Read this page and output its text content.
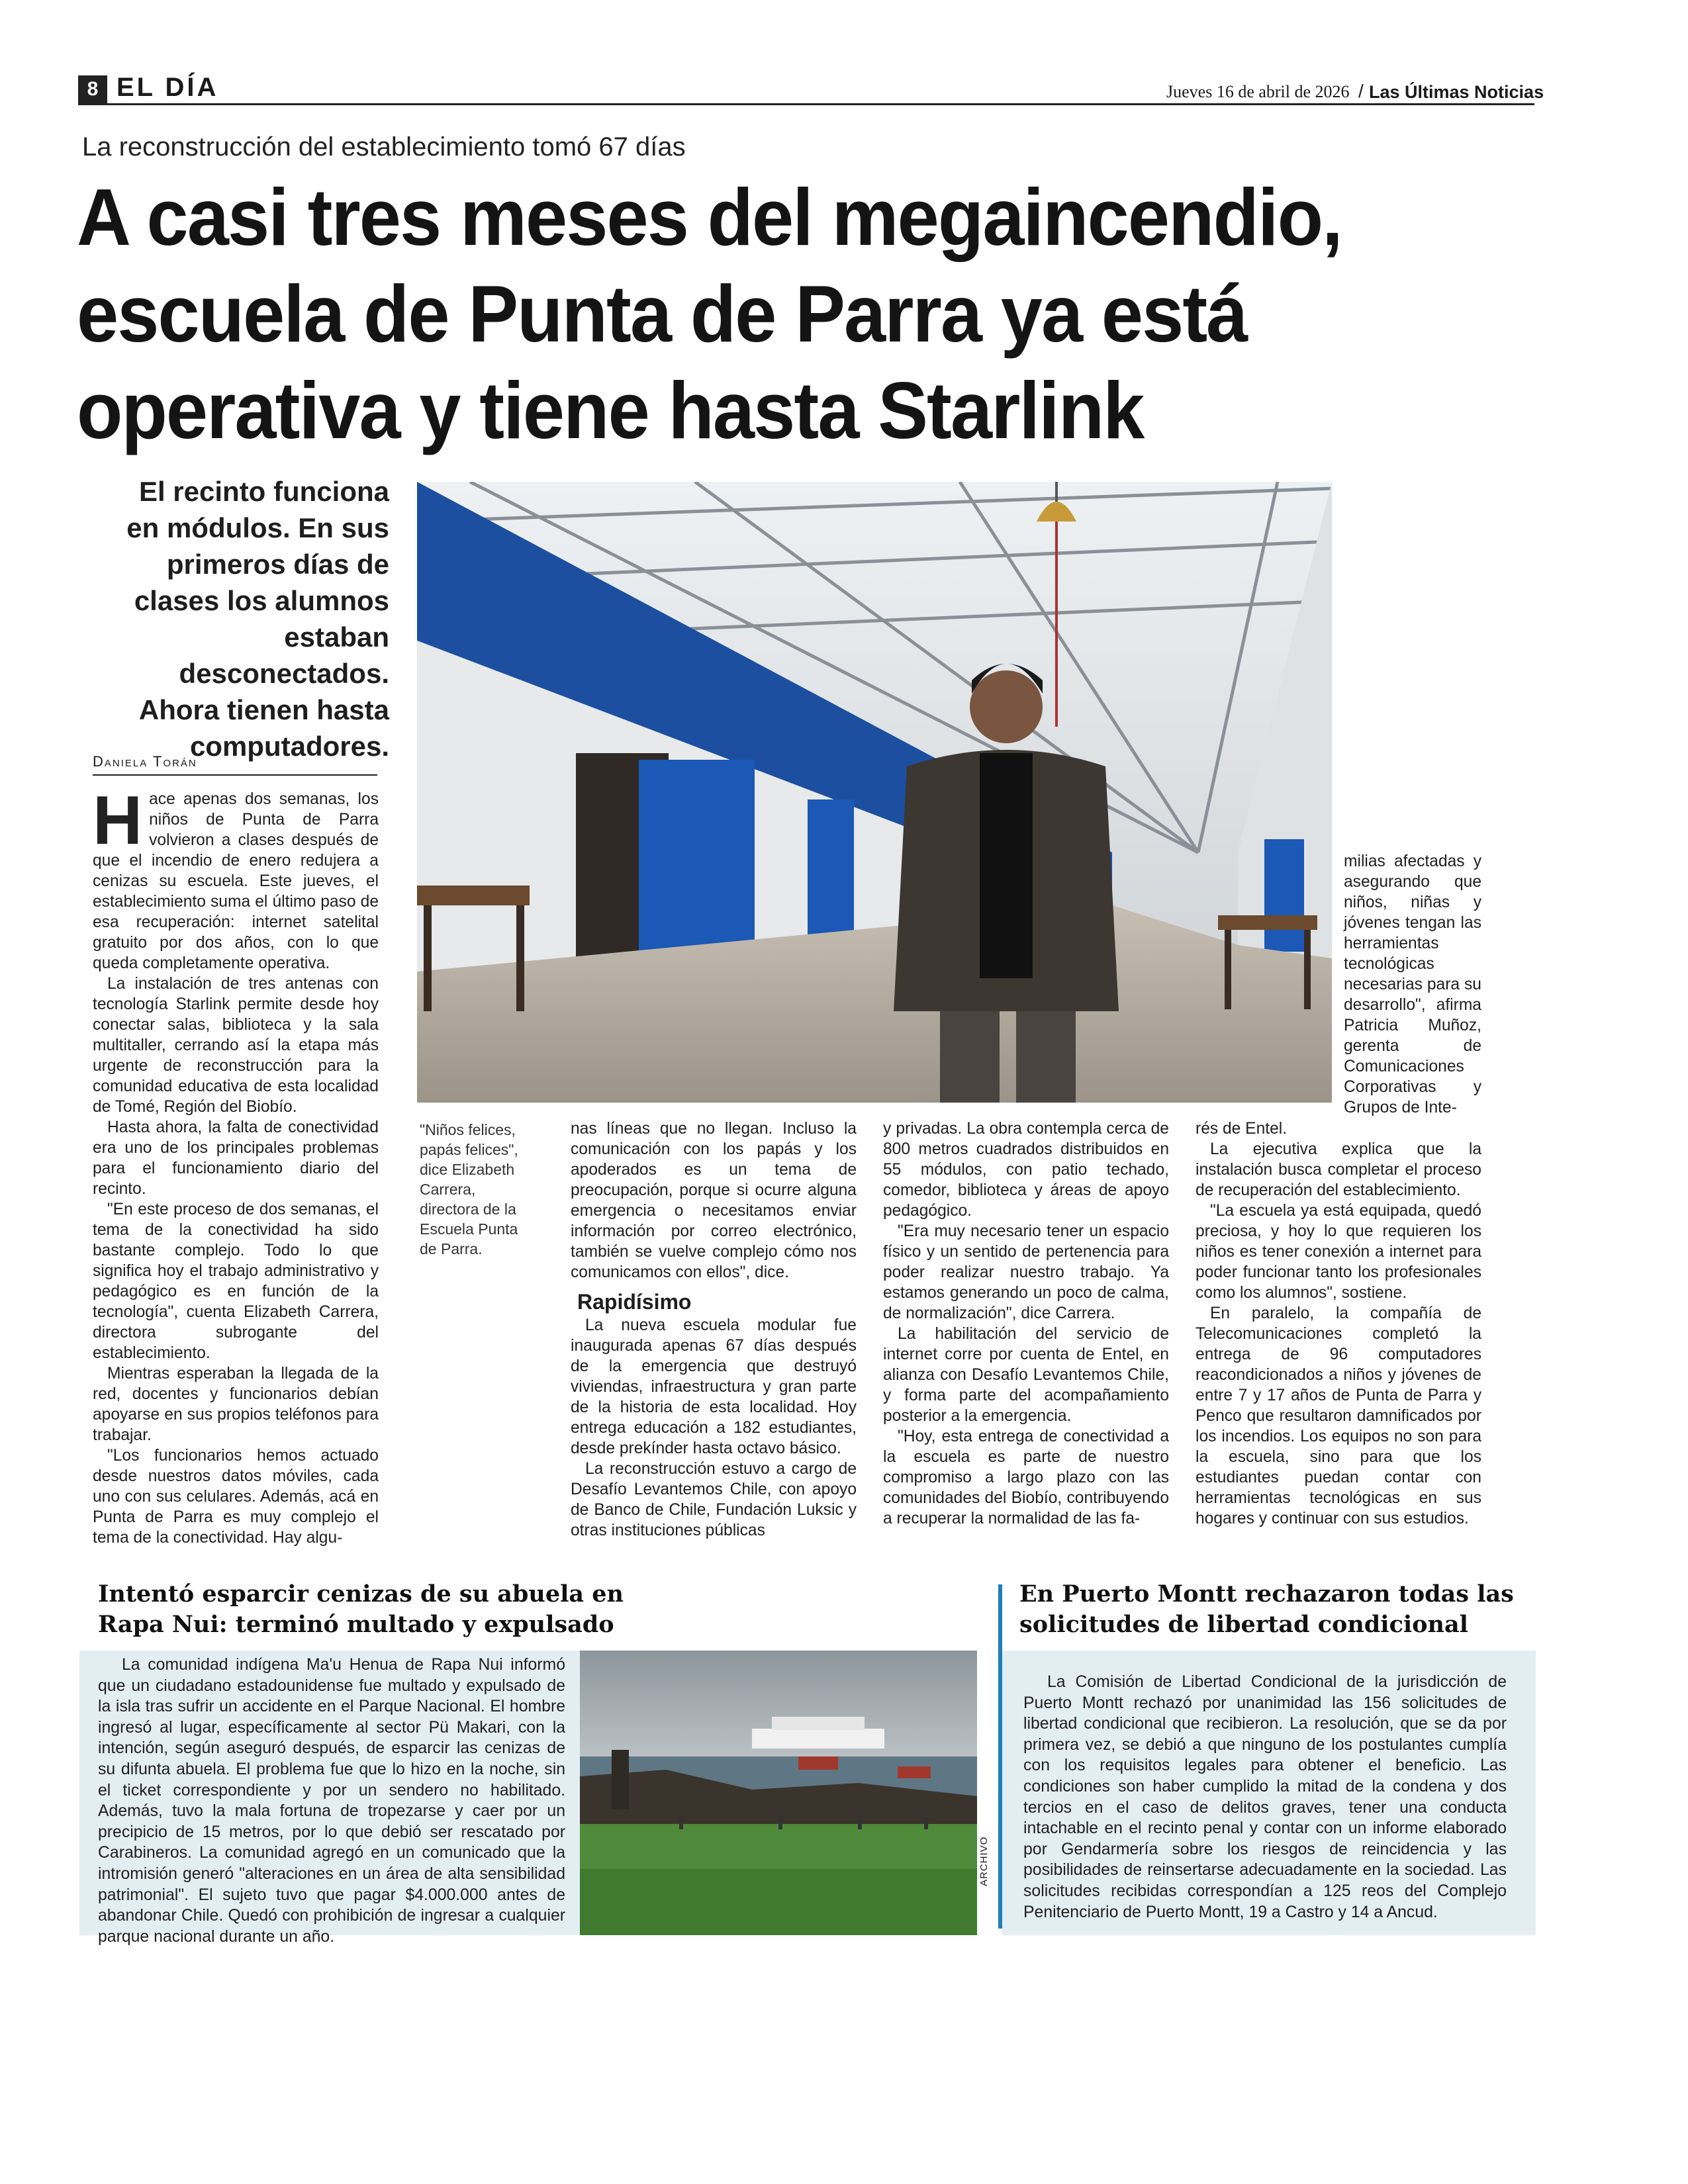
8 EL DÍA	Jueves 16 de abril de 2026 / Las Últimas Noticias
La reconstrucción del establecimiento tomó 67 días
A casi tres meses del megaincendio,
escuela de Punta de Parra ya está
operativa y tiene hasta Starlink
El recinto funciona
en módulos. En sus
primeros días de
clases los alumnos
estaban desconectados.
Ahora tienen hasta
computadores.
Daniela Torán
H ace apenas dos semanas, los niños de Punta de Parra volvieron a clases después de que el incendio de enero redujera a cenizas su escuela. Este jueves, el establecimiento suma el último paso de esa recuperación: internet satelital gratuito por dos años, con lo que queda completamente operativa.

La instalación de tres antenas con tecnología Starlink permite desde hoy conectar salas, biblioteca y la sala multitaller, cerrando así la etapa más urgente de reconstrucción para la comunidad educativa de esta localidad de Tomé, Región del Biobío.

Hasta ahora, la falta de conectividad era uno de los principales problemas para el funcionamiento diario del recinto.

"En este proceso de dos semanas, el tema de la conectividad ha sido bastante complejo. Todo lo que significa hoy el trabajo administrativo y pedagógico es en función de la tecnología", cuenta Elizabeth Carrera, directora subrogante del establecimiento.

Mientras esperaban la llegada de la red, docentes y funcionarios debían apoyarse en sus propios teléfonos para trabajar.

"Los funcionarios hemos actuado desde nuestros datos móviles, cada uno con sus celulares. Además, acá en Punta de Parra es muy complejo el tema de la conectividad. Hay algu-

"Niños felices, papás felices", dice Elizabeth Carrera, directora de la Escuela Punta de Parra.

nas líneas que no llegan. Incluso la comunicación con los papás y los apoderados es un tema de preocupación, porque si ocurre alguna emergencia o necesitamos enviar información por correo electrónico, también se vuelve complejo cómo nos comunicamos con ellos", dice.

Rapidísimo

La nueva escuela modular fue inaugurada apenas 67 días después de la emergencia que destruyó viviendas, infraestructura y gran parte de la historia de esta localidad. Hoy entrega educación a 182 estudiantes, desde prekínder hasta octavo básico.

La reconstrucción estuvo a cargo de Desafío Levantemos Chile, con apoyo de Banco de Chile, Fundación Luksic y otras instituciones públicas

y privadas. La obra contempla cerca de 800 metros cuadrados distribuidos en 55 módulos, con patio techado, comedor, biblioteca y áreas de apoyo pedagógico.

"Era muy necesario tener un espacio físico y un sentido de pertenencia para poder realizar nuestro trabajo. Ya estamos generando un poco de calma, de normalización", dice Carrera.

La habilitación del servicio de internet corre por cuenta de Entel, en alianza con Desafío Levantemos Chile, y forma parte del acompañamiento posterior a la emergencia.

"Hoy, esta entrega de conectividad a la escuela es parte de nuestro compromiso a largo plazo con las comunidades del Biobío, contribuyendo a recuperar la normalidad de las fa-

milias afectadas y asegurando que niños, niñas y jóvenes tengan las herramientas tecnológicas necesarias para su desarrollo", afirma Patricia Muñoz, gerenta de Comunicaciones Corporativas y Grupos de Inte-

rés de Entel.

La ejecutiva explica que la instalación busca completar el proceso de recuperación del establecimiento.

"La escuela ya está equipada, quedó preciosa, y hoy lo que requieren los niños es tener conexión a internet para poder funcionar tanto los profesionales como los alumnos", sostiene.

En paralelo, la compañía de Telecomunicaciones completó la entrega de 96 computadores reacondicionados a niños y jóvenes de entre 7 y 17 años de Punta de Parra y Penco que resultaron damnificados por los incendios. Los equipos no son para la escuela, sino para que los estudiantes puedan contar con herramientas tecnológicas en sus hogares y continuar con sus estudios.

Intentó esparcir cenizas de su abuela en
Rapa Nui: terminó multado y expulsado

La comunidad indígena Ma'u Henua de Rapa Nui informó que un ciudadano estadounidense fue multado y expulsado de la isla tras sufrir un accidente en el Parque Nacional. El hombre ingresó al lugar, específicamente al sector Pü Makari, con la intención, según aseguró después, de esparcir las cenizas de su difunta abuela. El problema fue que lo hizo en la noche, sin el ticket correspondiente y por un sendero no habilitado. Además, tuvo la mala fortuna de tropezarse y caer por un precipicio de 15 metros, por lo que debió ser rescatado por Carabineros. La comunidad agregó en un comunicado que la intromisión generó "alteraciones en un área de alta sensibilidad patrimonial". El sujeto tuvo que pagar $4.000.000 antes de abandonar Chile. Quedó con prohibición de ingresar a cualquier parque nacional durante un año.

ARCHIVO
En Puerto Montt rechazaron todas las
solicitudes de libertad condicional

La Comisión de Libertad Condicional de la jurisdicción de Puerto Montt rechazó por unanimidad las 156 solicitudes de libertad condicional que recibieron. La resolución, que se da por primera vez, se debió a que ninguno de los postulantes cumplía con los requisitos legales para obtener el beneficio. Las condiciones son haber cumplido la mitad de la condena y dos tercios en el caso de delitos graves, tener una conducta intachable en el recinto penal y contar con un informe elaborado por Gendarmería sobre los riesgos de reincidencia y las posibilidades de reinsertarse adecuadamente en la sociedad. Las solicitudes recibidas correspondían a 125 reos del Complejo Penitenciario de Puerto Montt, 19 a Castro y 14 a Ancud.
